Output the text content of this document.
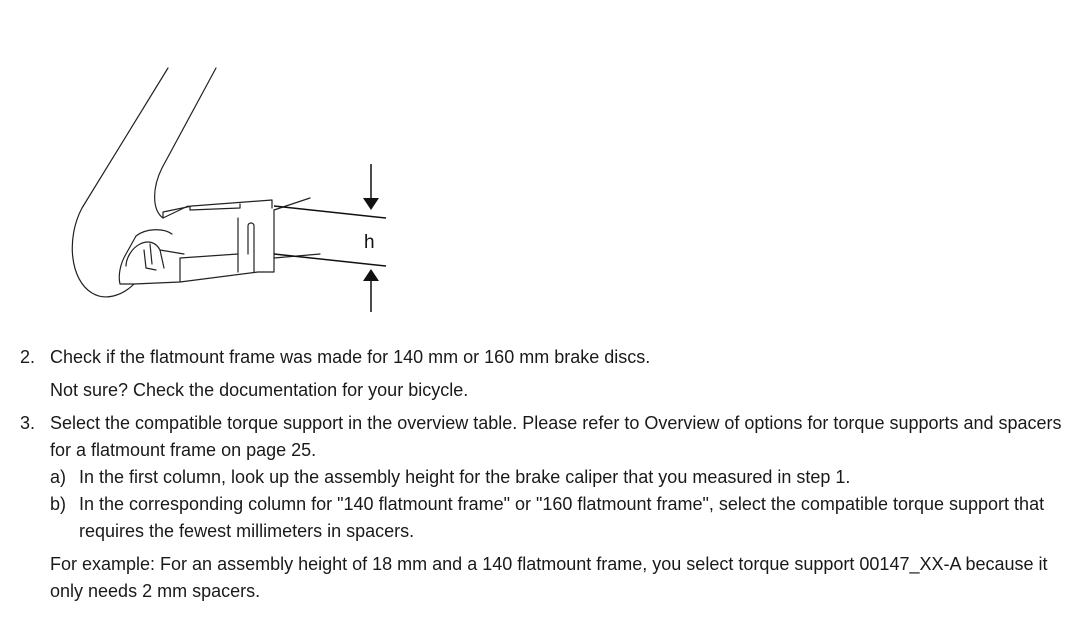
h
2. Check if the flatmount frame was made for 140 mm or 160 mm brake discs.

Not sure? Check the documentation for your bicycle.

3. Select the compatible torque support in the overview table. Please refer to Overview of options for torque supports and spacers for a flatmount frame on page 25.

a) In the first column, look up the assembly height for the brake caliper that you measured in step 1.

b) In the corresponding column for "140 flatmount frame" or "160 flatmount frame", select the compatible torque support that requires the fewest millimeters in spacers.

For example: For an assembly height of 18 mm and a 140 flatmount frame, you select torque support 00147_XX-A because it only needs 2 mm spacers.
